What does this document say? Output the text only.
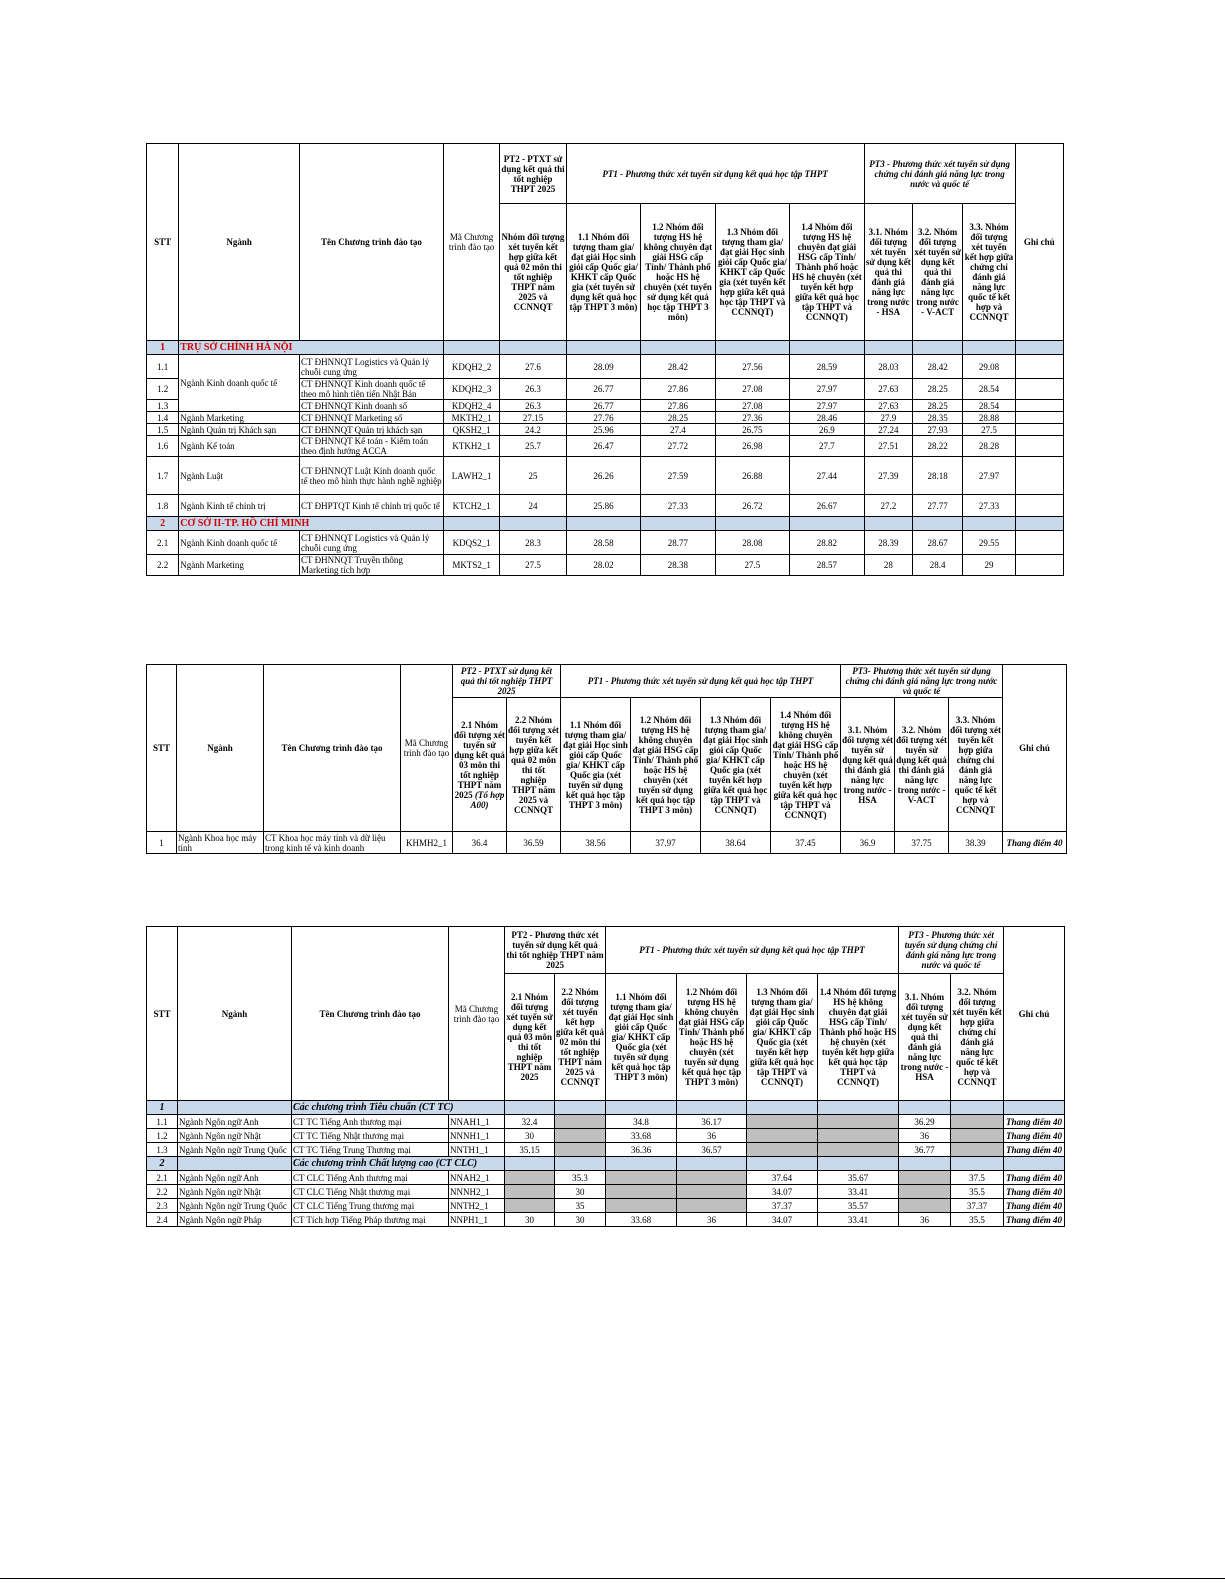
STT	Ngành	Tên Chương trình đào tạo	Mã Chương trình đào tạo	PT2 - PTXT sử dụng kết quả thi tốt nghiệp THPT 2025	PT1 - Phương thức xét tuyển sử dụng kết quả học tập THPT				PT3 - Phương thức xét tuyển sử dụng chứng chỉ đánh giá năng lực trong nước và quốc tế			Ghi chú
				Nhóm đối tượng xét tuyển kết hợp giữa kết quả 02 môn thi tốt nghiệp THPT năm 2025 và CCNNQT	1.1 Nhóm đối tượng tham gia/đạt giải Học sinh giỏi cấp Quốc gia/ KHKT cấp Quốc gia (xét tuyển sử dụng kết quả học tập THPT 3 môn)	1.2 Nhóm đối tượng HS hệ không chuyên đạt giải HSG cấp Tỉnh/ Thành phố hoặc HS hệ chuyên (xét tuyển sử dụng kết quả học tập THPT 3 môn)	1.3 Nhóm đối tượng tham gia/đạt giải Học sinh giỏi cấp Quốc gia/ KHKT cấp Quốc gia (xét tuyển kết hợp giữa kết quả học tập THPT và CCNNQT)	1.4 Nhóm đối tượng HS hệ chuyên đạt giải HSG cấp Tỉnh/ Thành phố hoặc HS hệ chuyên (xét tuyển kết hợp giữa kết quả học tập THPT và CCNNQT)	3.1. Nhóm đối tượng xét tuyển sử dụng kết quả thi đánh giá năng lực trong nước - HSA	3.2. Nhóm đối tượng xét tuyển sử dụng kết quả thi đánh giá năng lực trong nước - V-ACT	3.3. Nhóm đối tượng xét tuyển kết hợp giữa chứng chỉ đánh giá năng lực quốc tế kết hợp và CCNNQT	
1	TRỤ SỞ CHÍNH HÀ NỘI											
1.1	Ngành Kinh doanh quốc tế	CT ĐHNNQT Logistics và Quản lý chuỗi cung ứng	KDQH2_2	27.6	28.09	28.42	27.56	28.59	28.03	28.42	29.08	
1.2		CT ĐHNNQT Kinh doanh quốc tế theo mô hình tiên tiến Nhật Bản	KDQH2_3	26.3	26.77	27.86	27.08	27.97	27.63	28.25	28.54	
1.3		CT ĐHNNQT Kinh doanh số	KDQH2_4	26.3	26.77	27.86	27.08	27.97	27.63	28.25	28.54	
1.4	Ngành Marketing	CT ĐHNNQT Marketing số	MKTH2_1	27.15	27.76	28.25	27.36	28.46	27.9	28.35	28.88	
1.5	Ngành Quản trị Khách sạn	CT ĐHNNQT Quản trị khách sạn	QKSH2_1	24.2	25.96	27.4	26.75	26.9	27.24	27.93	27.5	
1.6	Ngành Kế toán	CT ĐHNNQT Kế toán - Kiểm toán theo định hướng ACCA	KTKH2_1	25.7	26.47	27.72	26.98	27.7	27.51	28.22	28.28	
1.7	Ngành Luật	CT ĐHNNQT Luật Kinh doanh quốc tế theo mô hình thực hành nghề nghiệp	LAWH2_1	25	26.26	27.59	26.88	27.44	27.39	28.18	27.97	
1.8	Ngành Kinh tế chính trị	CT ĐHPTQT Kinh tế chính trị quốc tế	KTCH2_1	24	25.86	27.33	26.72	26.67	27.2	27.77	27.33	
2	CƠ SỞ II-TP. HỒ CHÍ MINH											
2.1	Ngành Kinh doanh quốc tế	CT ĐHNNQT Logistics và Quản lý chuỗi cung ứng	KDQS2_1	28.3	28.58	28.77	28.08	28.82	28.39	28.67	29.55	
2.2	Ngành Marketing	CT ĐHNNQT Truyền thông Marketing tích hợp	MKTS2_1	27.5	28.02	28.38	27.5	28.57	28	28.4	29	
STT	Ngành	Tên Chương trình đào tạo	Mã Chương trình đào tạo	PT2 - PTXT sử dụng kết quả thi tốt nghiệp THPT 2025		PT1 - Phương thức xét tuyển sử dụng kết quả học tập THPT				PT3- Phương thức xét tuyển sử dụng chứng chỉ đánh giá năng lực trong nước và quốc tế			Ghi chú
				2.1 Nhóm đối tượng xét tuyển sử dụng kết quả 03 môn thi tốt nghiệp THPT năm 2025 (Tổ hợp A00)	2.2 Nhóm đối tượng xét tuyển kết hợp giữa kết quả 02 môn thi tốt nghiệp THPT năm 2025 và CCNNQT	1.1 Nhóm đối tượng tham gia/đạt giải Học sinh giỏi cấp Quốc gia/ KHKT cấp Quốc gia (xét tuyển sử dụng kết quả học tập THPT 3 môn)	1.2 Nhóm đối tượng HS hệ không chuyên đạt giải HSG cấp Tỉnh/ Thành phố hoặc HS hệ chuyên (xét tuyển sử dụng kết quả học tập THPT 3 môn)	1.3 Nhóm đối tượng tham gia/đạt giải Học sinh giỏi cấp Quốc gia/ KHKT cấp Quốc gia (xét tuyển kết hợp giữa kết quả học tập THPT và CCNNQT)	1.4 Nhóm đối tượng HS hệ không chuyên đạt giải HSG cấp Tỉnh/ Thành phố hoặc HS hệ chuyên (xét tuyển kết hợp giữa kết quả học tập THPT và CCNNQT)	3.1. Nhóm đối tượng xét tuyển sử dụng kết quả thi đánh giá năng lực trong nước - HSA	3.2. Nhóm đối tượng xét tuyển sử dụng kết quả thi đánh giá năng lực trong nước - V-ACT	3.3. Nhóm đối tượng xét tuyển kết hợp giữa chứng chỉ đánh giá năng lực quốc tế kết hợp và CCNNQT	
1	Ngành Khoa học máy tính	CT Khoa học máy tính và dữ liệu trong kinh tế và kinh doanh	KHMH2_1	36.4	36.59	38.56	37.97	38.64	37.45	36.9	37.75	38.39	Thang điểm 40
STT	Ngành	Tên Chương trình đào tạo	Mã Chương trình đào tạo	PT2 - Phương thức xét tuyển sử dụng kết quả thi tốt nghiệp THPT năm 2025		PT1 - Phương thức xét tuyển sử dụng kết quả học tập THPT				PT3 - Phương thức xét tuyển sử dụng chứng chỉ đánh giá năng lực trong nước và quốc tế		Ghi chú
				2.1 Nhóm đối tượng xét tuyển sử dụng kết quả 03 môn thi tốt nghiệp THPT năm 2025	2.2 Nhóm đối tượng xét tuyển kết hợp giữa kết quả 02 môn thi tốt nghiệp THPT năm 2025 và CCNNQT	1.1 Nhóm đối tượng tham gia/đạt giải Học sinh giỏi cấp Quốc gia/ KHKT cấp Quốc gia (xét tuyển sử dụng kết quả học tập THPT 3 môn)	1.2 Nhóm đối tượng HS hệ không chuyên đạt giải HSG cấp Tỉnh/ Thành phố hoặc HS hệ chuyên (xét tuyển sử dụng kết quả học tập THPT 3 môn)	1.3 Nhóm đối tượng tham gia/đạt giải Học sinh giỏi cấp Quốc gia/ KHKT cấp Quốc gia (xét tuyển kết hợp giữa kết quả học tập THPT và CCNNQT)	1.4 Nhóm đối tượng HS hệ không chuyên đạt giải HSG cấp Tỉnh/ Thành phố hoặc HS hệ chuyên (xét tuyển kết hợp giữa kết quả học tập THPT và CCNNQT)	3.1. Nhóm đối tượng xét tuyển sử dụng kết quả thi đánh giá năng lực trong nước - HSA	3.2. Nhóm đối tượng xét tuyển kết hợp giữa chứng chỉ đánh giá năng lực quốc tế kết hợp và CCNNQT	
1		Các chương trình Tiêu chuẩn (CT TC)										
1.1	Ngành Ngôn ngữ Anh	CT TC Tiếng Anh thương mại	NNAH1_1	32.4		34.8	36.17			36.29		Thang điểm 40
1.2	Ngành Ngôn ngữ Nhật	CT TC Tiếng Nhật thương mại	NNNH1_1	30		33.68	36			36		Thang điểm 40
1.3	Ngành Ngôn ngữ Trung Quốc	CT TC Tiếng Trung Thương mại	NNTH1_1	35.15		36.36	36.57			36.77		Thang điểm 40
2		Các chương trình Chất lượng cao (CT CLC)										
2.1	Ngành Ngôn ngữ Anh	CT CLC Tiếng Anh thương mại	NNAH2_1		35.3			37.64	35.67		37.5	Thang điểm 40
2.2	Ngành Ngôn ngữ Nhật	CT CLC Tiếng Nhật thương mại	NNNH2_1		30			34.07	33.41		35.5	Thang điểm 40
2.3	Ngành Ngôn ngữ Trung Quốc	CT CLC Tiếng Trung thương mại	NNTH2_1		35			37.37	35.57		37.37	Thang điểm 40
2.4	Ngành Ngôn ngữ Pháp	CT Tích hợp Tiếng Pháp thương mại	NNPH1_1	30	30	33.68	36	34.07	33.41	36	35.5	Thang điểm 40
